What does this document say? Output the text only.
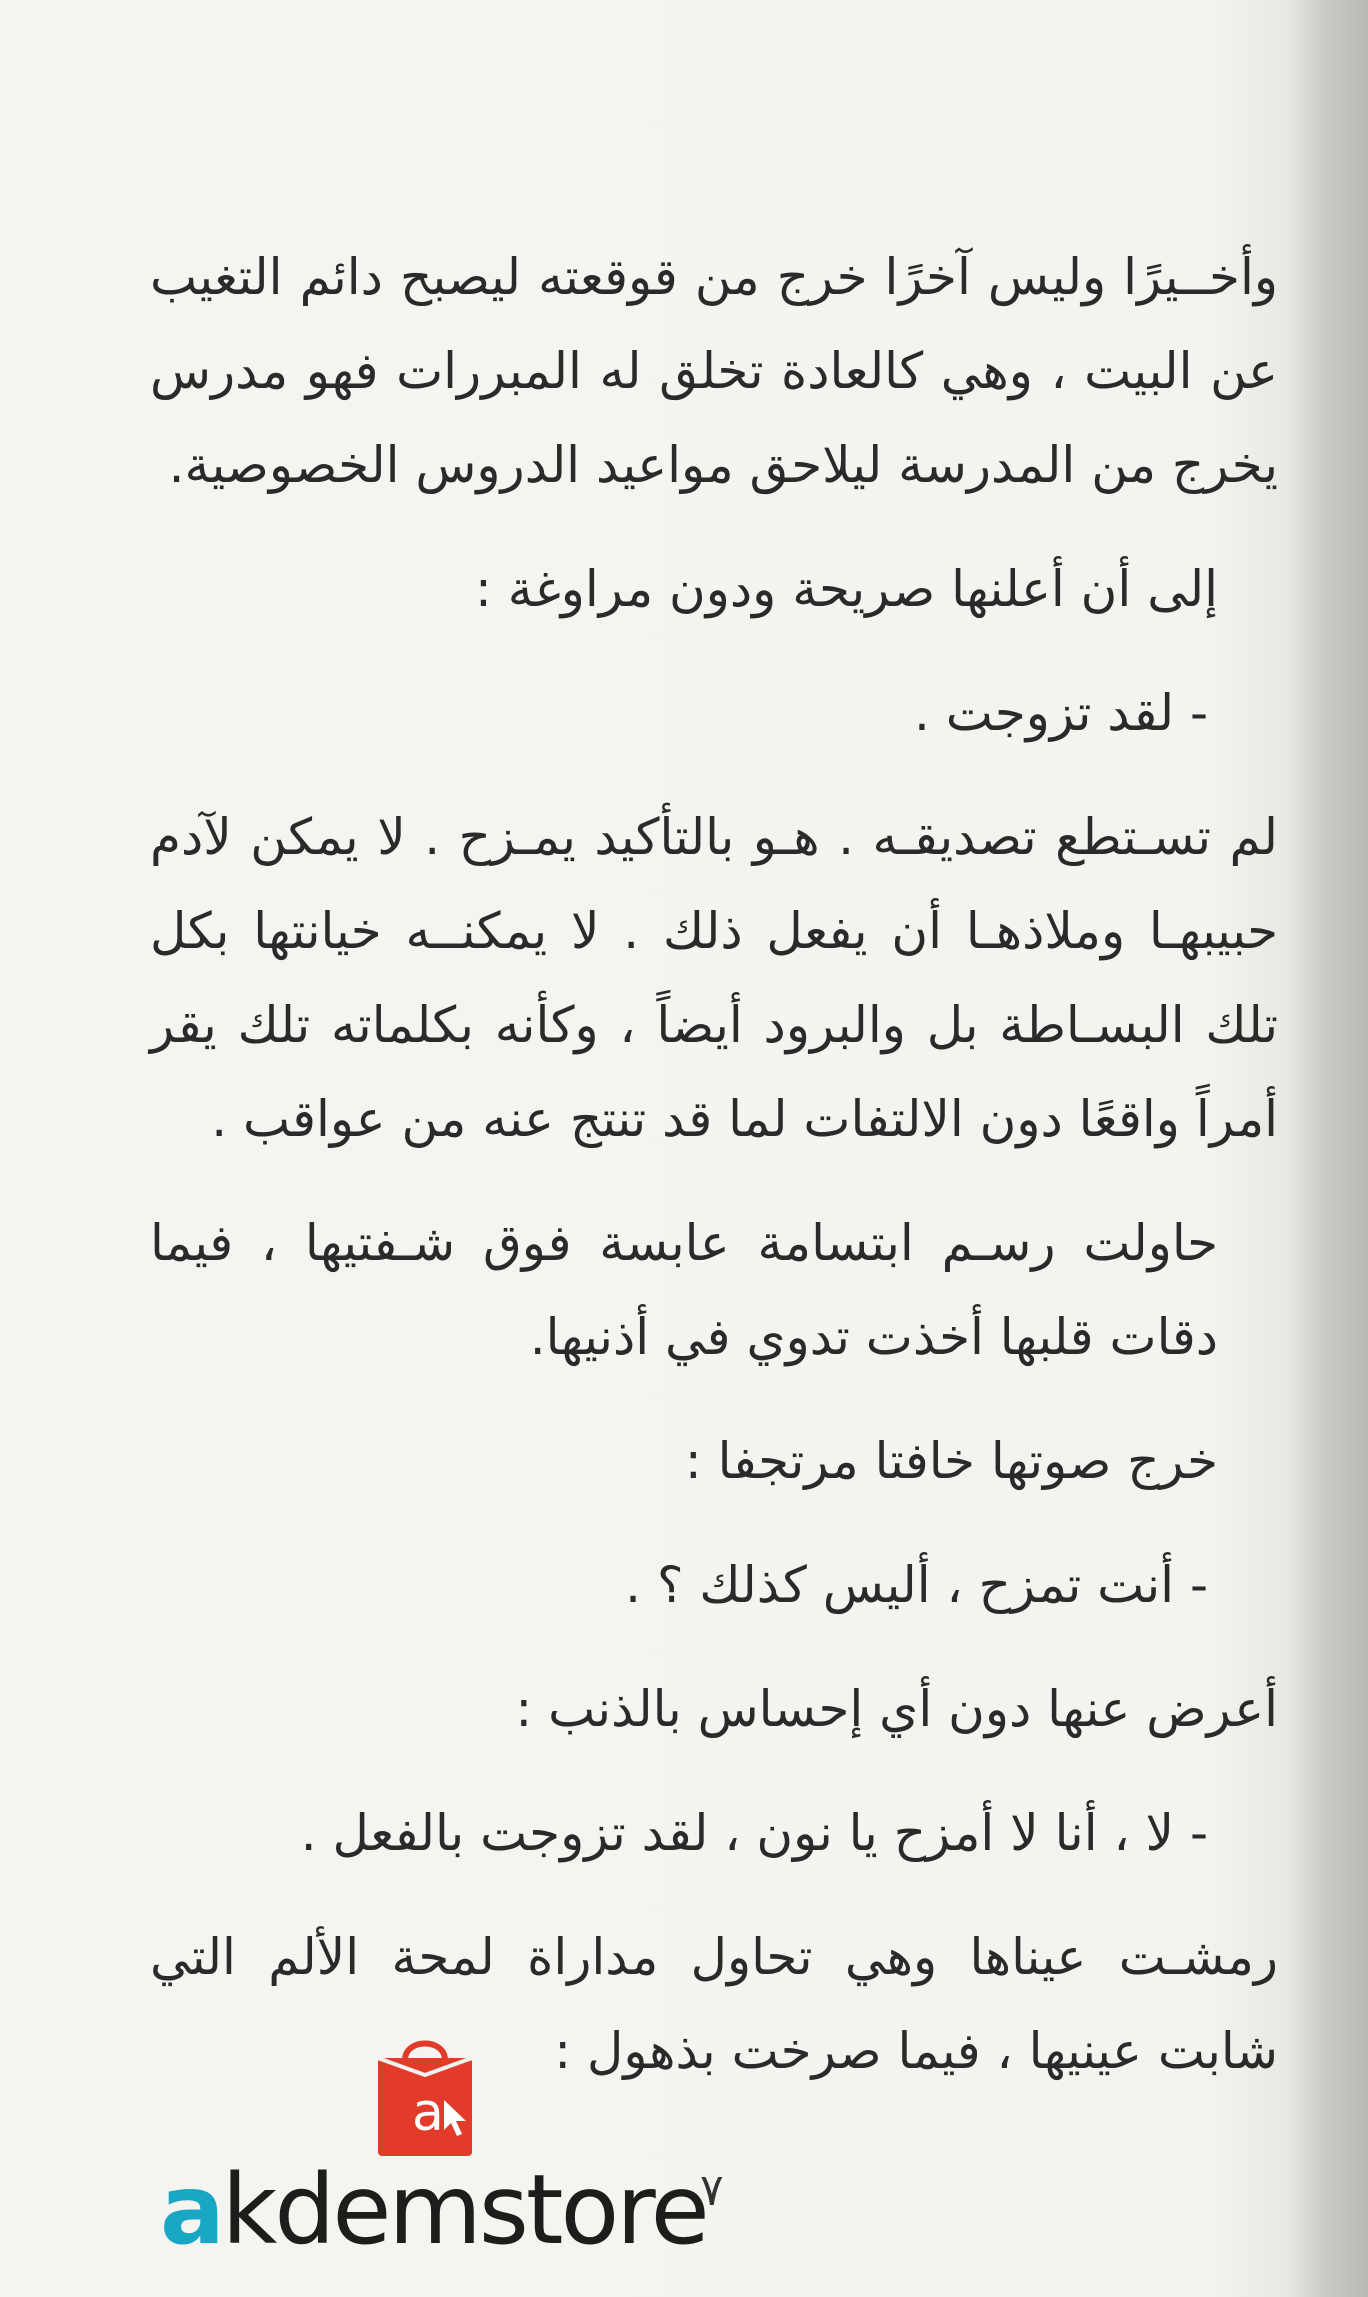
وأخــيرًا وليس آخرًا خرج من قوقعته ليصبح دائم التغيب عن البيت ، وهي كالعادة تخلق له المبررات فهو مدرس يخرج من المدرسة ليلاحق مواعيد الدروس الخصوصية.

إلى أن أعلنها صريحة ودون مراوغة :

- لقد تزوجت .

لم تسـتطع تصديقـه . هـو بالتأكيد يمـزح . لا يمكن لآدم حبيبهـا وملاذهـا أن يفعل ذلك . لا يمكنــه خيانتها بكل تلك البسـاطة بل والبرود أيضاً ، وكأنه بكلماته تلك يقر أمراً واقعًا دون الالتفات لما قد تنتج عنه من عواقب .

حاولت رسـم ابتسامة عابسة فوق شـفتيها ، فيما دقات قلبها أخذت تدوي في أذنيها.

خرج صوتها خافتا مرتجفا :

- أنت تمزح ، أليس كذلك ؟ .

أعرض عنها دون أي إحساس بالذنب :

- لا ، أنا لا أمزح يا نون ، لقد تزوجت بالفعل .

رمشـت عيناها وهي تحاول مداراة لمحة الألم التي شابت عينيها ، فيما صرخت بذهول :

a
akdemstore
٧
